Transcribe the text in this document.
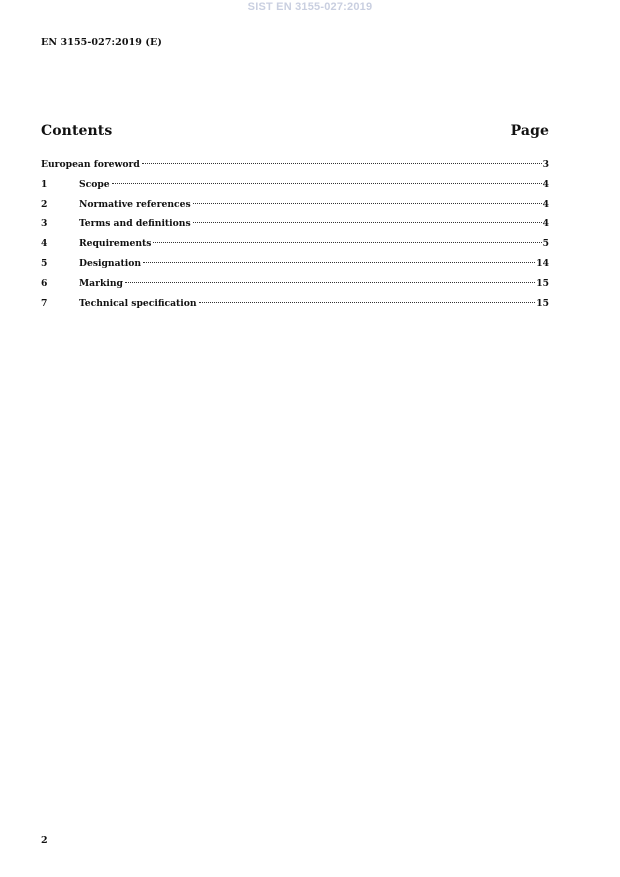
SIST EN 3155-027:2019
EN 3155-027:2019 (E)
Contents	Page
European foreword	3
1	Scope	4
2	Normative references	4
3	Terms and definitions	4
4	Requirements	5
5	Designation	14
6	Marking	15
7	Technical specification	15
2
